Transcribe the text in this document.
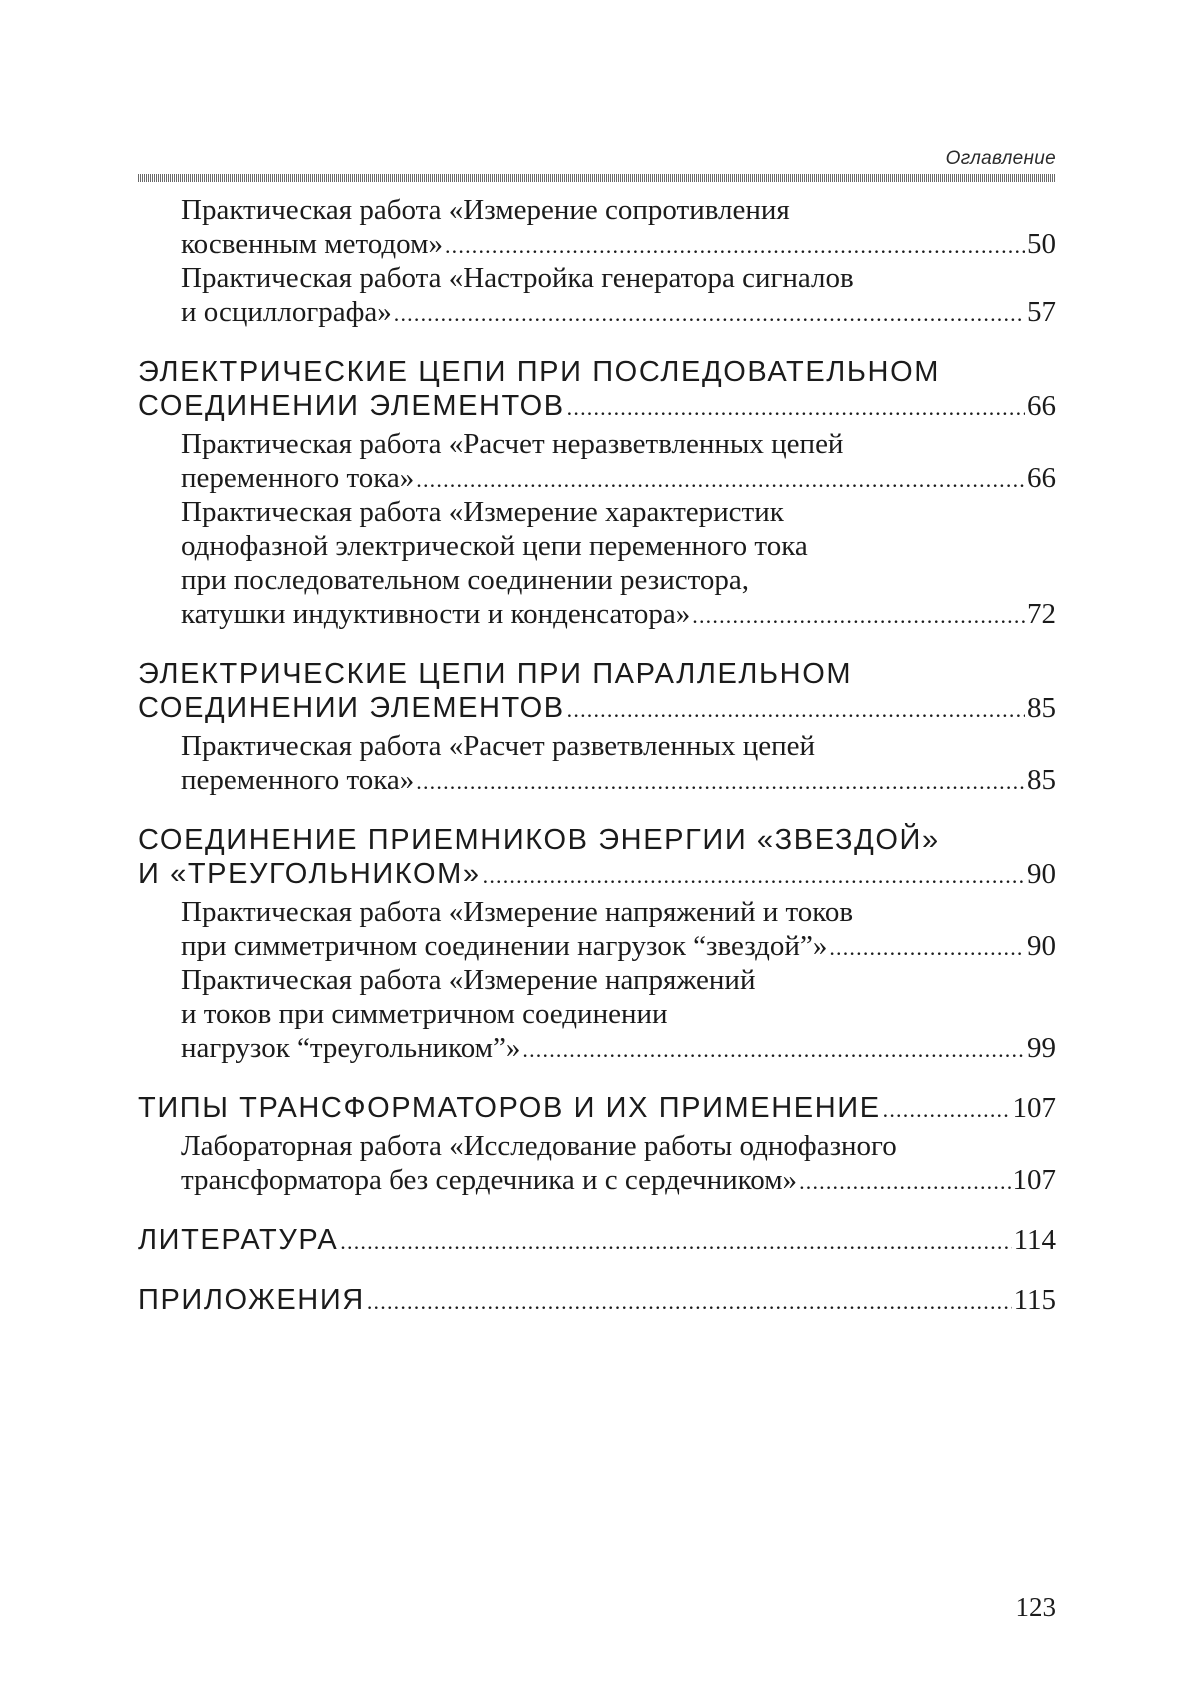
Оглавление
Практическая работа «Измерение сопротивления
косвенным методом» .....	50
Практическая работа «Настройка генератора сигналов
и осциллографа» .....	57
ЭЛЕКТРИЧЕСКИЕ ЦЕПИ ПРИ ПОСЛЕДОВАТЕЛЬНОМ
СОЕДИНЕНИИ ЭЛЕМЕНТОВ .....	66
Практическая работа «Расчет неразветвленных цепей
переменного тока» .....	66
Практическая работа «Измерение характеристик
однофазной электрической цепи переменного тока
при последовательном соединении резистора,
катушки индуктивности и конденсатора» .....	72
ЭЛЕКТРИЧЕСКИЕ ЦЕПИ ПРИ ПАРАЛЛЕЛЬНОМ
СОЕДИНЕНИИ ЭЛЕМЕНТОВ .....	85
Практическая работа «Расчет разветвленных цепей
переменного тока» .....	85
СОЕДИНЕНИЕ ПРИЕМНИКОВ ЭНЕРГИИ «ЗВЕЗДОЙ»
И «ТРЕУГОЛЬНИКОМ» .....	90
Практическая работа «Измерение напряжений и токов
при симметричном соединении нагрузок “звездой”» .....	90
Практическая работа «Измерение напряжений
и токов при симметричном соединении
нагрузок “треугольником”» .....	99
ТИПЫ ТРАНСФОРМАТОРОВ И ИХ ПРИМЕНЕНИЕ .....	107
Лабораторная работа «Исследование работы однофазного
трансформатора без сердечника и с сердечником» .....	107
ЛИТЕРАТУРА .....	114
ПРИЛОЖЕНИЯ .....	115
123
